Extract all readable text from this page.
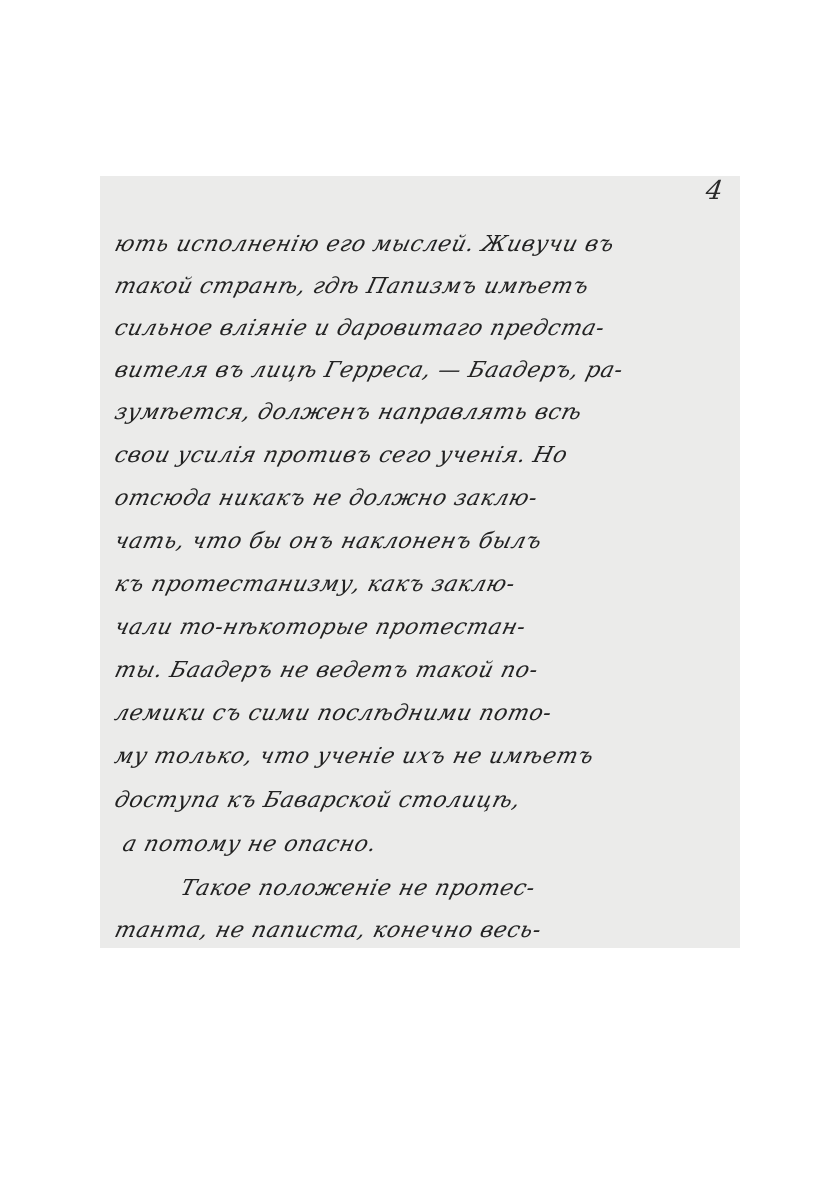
4
ють исполненію его мыслей. Живучи въ
такой странѣ, гдѣ Папизмъ имѣетъ
сильное вліяніе и даровитаго предста-
вителя въ лицѣ Герреса, — Баадеръ, ра-
зумѣется, долженъ направлять всѣ
свои усилія противъ сего ученія. Но
отсюда никакъ не должно заклю-
чать, что бы онъ наклоненъ былъ
къ протестанизму, какъ заклю-
чали то-нѣкоторые протестан-
ты. Баадеръ не ведетъ такой по-
лемики съ сими послѣдними пото-
му только, что ученіе ихъ не имѣетъ
доступа къ Баварской столицѣ,
а потому не опасно.
Такое положеніе не протес-
танта, не паписта, конечно весь-
